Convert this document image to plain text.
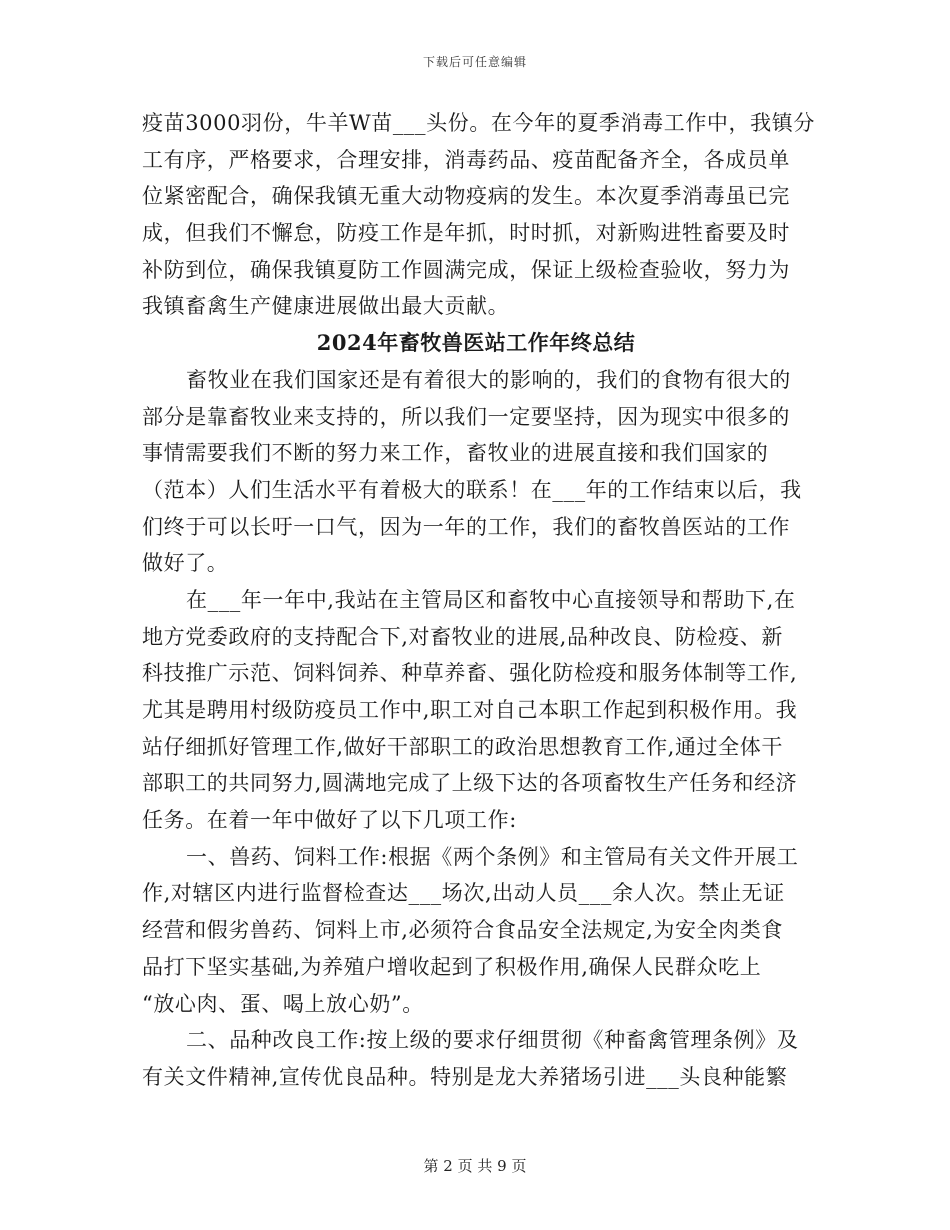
下载后可任意编辑
疫苗3000羽份，牛羊W苗___头份。在今年的夏季消毒工作中，我镇分
工有序，严格要求，合理安排，消毒药品、疫苗配备齐全，各成员单
位紧密配合，确保我镇无重大动物疫病的发生。本次夏季消毒虽已完
成，但我们不懈怠，防疫工作是年抓，时时抓，对新购进牲畜要及时
补防到位，确保我镇夏防工作圆满完成，保证上级检查验收，努力为
我镇畜禽生产健康进展做出最大贡献。
2024年畜牧兽医站工作年终总结
畜牧业在我们国家还是有着很大的影响的，我们的食物有很大的
部分是靠畜牧业来支持的，所以我们一定要坚持，因为现实中很多的
事情需要我们不断的努力来工作，畜牧业的进展直接和我们国家的
（范本）人们生活水平有着极大的联系！在___年的工作结束以后，我
们终于可以长吁一口气，因为一年的工作，我们的畜牧兽医站的工作
做好了。
在___年一年中,我站在主管局区和畜牧中心直接领导和帮助下,在
地方党委政府的支持配合下,对畜牧业的进展,品种改良、防检疫、新
科技推广示范、饲料饲养、种草养畜、强化防检疫和服务体制等工作,
尤其是聘用村级防疫员工作中,职工对自己本职工作起到积极作用。我
站仔细抓好管理工作,做好干部职工的政治思想教育工作,通过全体干
部职工的共同努力,圆满地完成了上级下达的各项畜牧生产任务和经济
任务。在着一年中做好了以下几项工作:
一、兽药、饲料工作:根据《两个条例》和主管局有关文件开展工
作,对辖区内进行监督检查达___场次,出动人员___余人次。禁止无证
经营和假劣兽药、饲料上市,必须符合食品安全法规定,为安全肉类食
品打下坚实基础,为养殖户增收起到了积极作用,确保人民群众吃上
“放心肉、蛋、喝上放心奶”。
二、品种改良工作:按上级的要求仔细贯彻《种畜禽管理条例》及
有关文件精神,宣传优良品种。特别是龙大养猪场引进___头良种能繁
第 2 页 共 9 页
